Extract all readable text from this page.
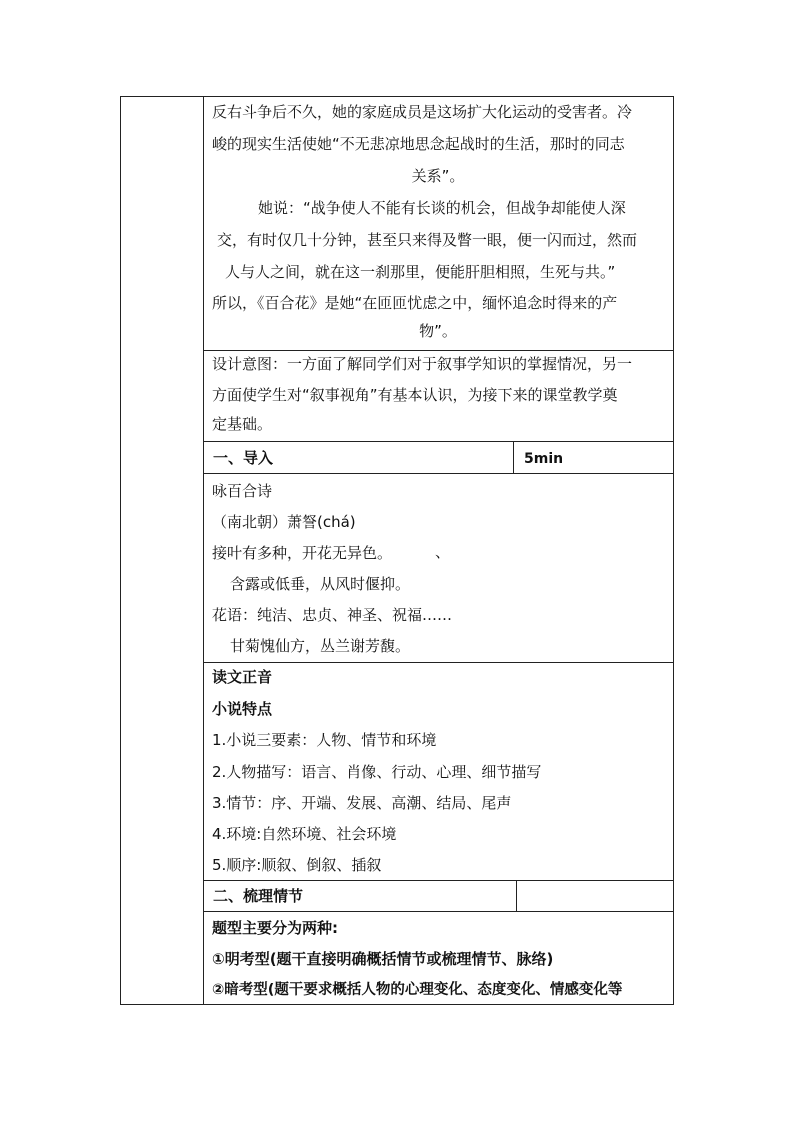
反右斗争后不久，她的家庭成员是这场扩大化运动的受害者。冷
峻的现实生活使她“不无悲凉地思念起战时的生活，那时的同志
关系”。
她说：“战争使人不能有长谈的机会，但战争却能使人深
交，有时仅几十分钟，甚至只来得及瞥一眼，便一闪而过，然而
人与人之间，就在这一刹那里，便能肝胆相照，生死与共。”
所以，《百合花》是她“在匝匝忧虑之中，缅怀追念时得来的产
物”。
设计意图：一方面了解同学们对于叙事学知识的掌握情况，另一
方面使学生对“叙事视角”有基本认识，为接下来的课堂教学奠
定基础。
一、导入	5min
咏百合诗
（南北朝）萧詧(chá)
接叶有多种，开花无异色。	、
含露或低垂，从风时偃抑。
花语：纯洁、忠贞、神圣、祝福……
甘菊愧仙方，丛兰谢芳馥。
读文正音
小说特点
1.小说三要素：人物、情节和环境
2.人物描写：语言、肖像、行动、心理、细节描写
3.情节：序、开端、发展、高潮、结局、尾声
4.环境:自然环境、社会环境
5.顺序:顺叙、倒叙、插叙
二、梳理情节
题型主要分为两种:
①明考型(题干直接明确概括情节或梳理情节、脉络)
②暗考型(题干要求概括人物的心理变化、态度变化、情感变化等
